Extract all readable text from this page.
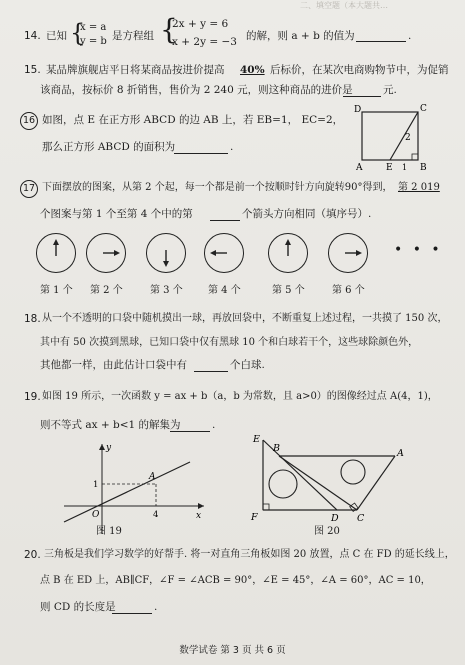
二、填空题（本大题共…
14. 已知 {
x = a
y = b 是方程组 {
2x + y = 6
x + 2y = −3 的解，则 a + b 的值为	.
15. 某品牌旗舰店平日将某商品按进价提高 40% 后标价，在某次电商购物节中，为促销
该商品，按标价 8 折销售，售价为 2 240 元，则这种商品的进价是	元.
16 如图，点 E 在正方形 ABCD 的边 AB 上，若 EB=1， EC=2，
那么正方形 ABCD 的面积为	.
D	C
A	E	B
1
2
17 下面摆放的图案，从第 2 个起，每一个都是前一个按顺时针方向旋转90°得到， 第 2 019
个图案与第 1 个至第 4 个中的第	个箭头方向相同（填序号）.
第 1 个 第 2 个	第 3 个	第 4 个	第 5 个	第 6 个
• • •
18. 从一个不透明的口袋中随机摸出一球，再放回袋中，不断重复上述过程，一共摸了 150 次，
其中有 50 次摸到黑球，已知口袋中仅有黑球 10 个和白球若干个，这些球除颜色外，
其他都一样，由此估计口袋中有	个白球.
19. 如图 19 所示，一次函数 y = ax + b（a，b 为常数，且 a>0）的图像经过点 A(4，1)，
则不等式 ax + b<1 的解集为	.
y
x
O
A
1
4
图 19
E
B	A
F	D C
图 20
20. 三角板是我们学习数学的好帮手. 将一对直角三角板如图 20 放置，点 C 在 FD 的延长线上，
点 B 在 ED 上，AB∥CF，∠F = ∠ACB = 90°，∠E = 45°，∠A = 60°，AC = 10，
则 CD 的长度是	.
数学试卷 第 3 页 共 6 页
